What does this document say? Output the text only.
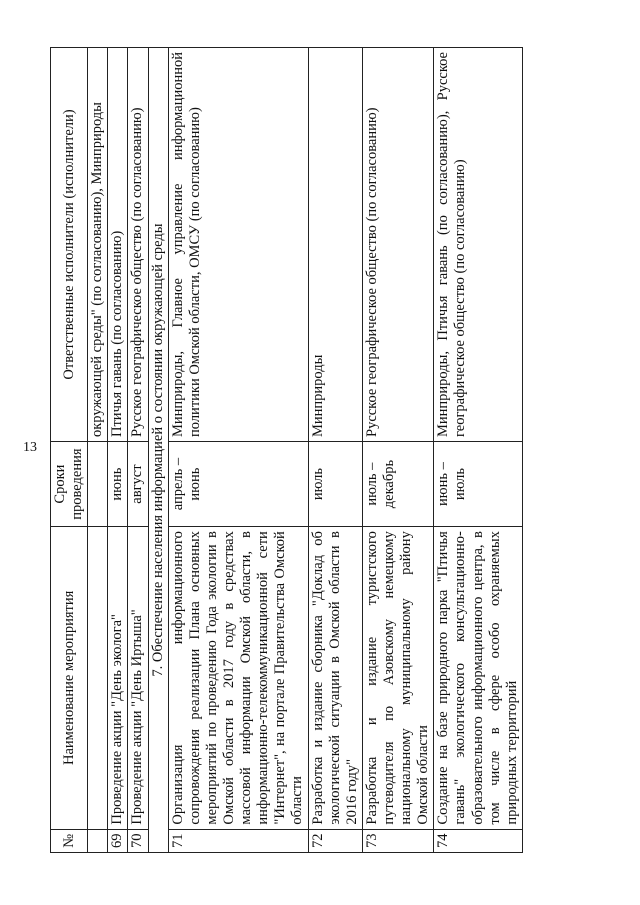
13
№	Наименование мероприятия	Сроки проведения	Ответственные исполнители (исполнители)
			окружающей среды" (по согласованию), Минприроды
69	Проведение акции "День эколога"	июнь	Птичья гавань (по согласованию)
70	Проведение акции "День Иртыша"	август	Русское географическое общество (по согласованию)
7. Обеспечение населения информацией о состоянии окружающей среды			
71	Организация информационного сопровождения реализации Плана основных мероприятий по проведению Года экологии в Омской области в 2017 году в средствах массовой информации Омской области, в информационно-телекоммуникационной сети "Интернет", на портале Правительства Омской области	апрель – июнь	Минприроды, Главное управление информационной политики Омской области, ОМСУ (по согласованию)
72	Разработка и издание сборника "Доклад об экологической ситуации в Омской области в 2016 году"	июль	Минприроды
73	Разработка и издание туристского путеводителя по Азовскому немецкому национальному муниципальному району Омской области	июль – декабрь	Русское географическое общество (по согласованию)
74	Создание на базе природного парка "Птичья гавань" экологического консультационно-образовательного информационного центра, в том числе в сфере особо охраняемых природных территорий	июнь – июль	Минприроды, Птичья гавань (по согласованию), Русское географическое общество (по согласованию)
